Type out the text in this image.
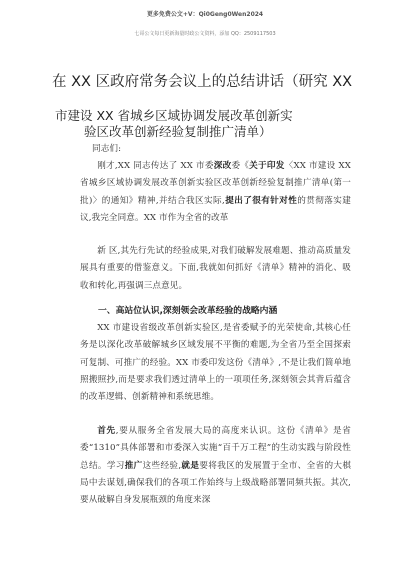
更多免费公文+V：Qi0Geng0Wen2024
七哥公文每日更新海量时政公文资料，添加 QQ：2509117503
在 XX 区政府常务会议上的总结讲话（研究 XX
市建设 XX 省城乡区域协调发展改革创新实
验区改革创新经验复制推广清单）
同志们:
刚才,XX 同志传达了 XX 市委深改委《关于印发〈XX 市建设 XX 省城乡区域协调发展改革创新实验区改革创新经验复制推广清单(第一批)〉的通知》精神,并结合我区实际,提出了很有针对性的贯彻落实建议,我完全同意。XX 市作为全省的改革
新 区,其先行先试的经验成果,对我们破解发展难题、推动高质量发展具有重要的借鉴意义。下面,我就如何抓好《清单》精神的消化、吸收和转化,再强调三点意见。
一、高站位认识,深刻领会改革经验的战略内涵
XX 市建设省级改革创新实验区,是省委赋予的光荣使命,其核心任务是以深化改革破解城乡区域发展不平衡的难题,为全省乃至全国探索可复制、可推广的经验。XX 市委印发这份《清单》,不是让我们简单地照搬照抄,而是要求我们透过清单上的一项项任务,深刻领会其背后蕴含的改革逻辑、创新精神和系统思维。
首先,要从服务全省发展大局的高度来认识。这份《清单》是省委“1310”具体部署和市委深入实施“百千万工程”的生动实践与阶段性总结。学习推广这些经验,就是要将我区的发展置于全市、全省的大棋局中去谋划,确保我们的各项工作始终与上级战略部署同频共振。其次,要从破解自身发展瓶颈的角度来深
